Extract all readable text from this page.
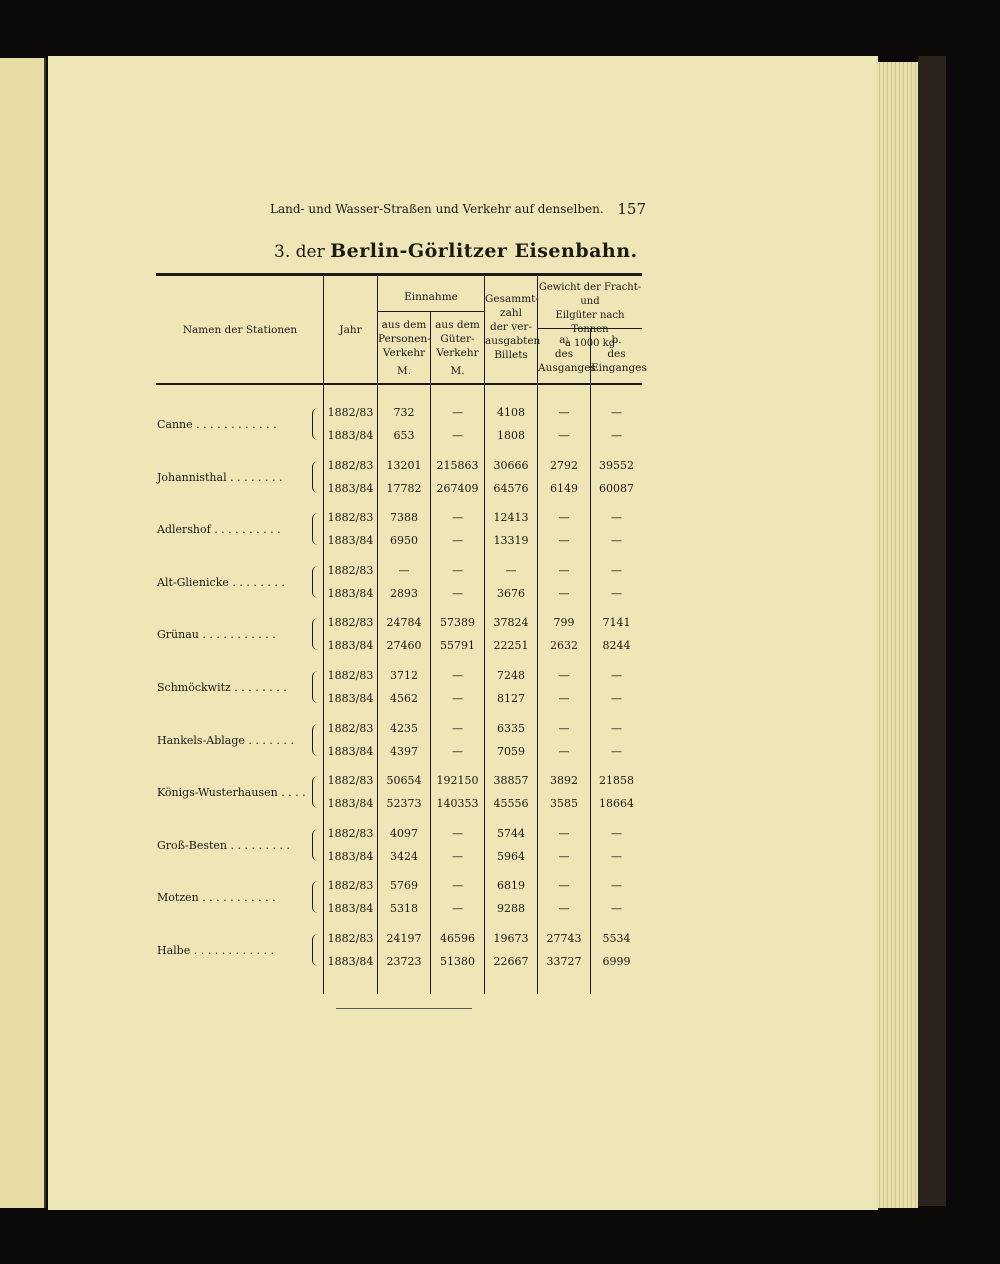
Land- und Wasser-Straßen und Verkehr auf denselben. 157
3. der Berlin-Görlitzer Eisenbahn.
Namen der Stationen	Jahr
Einnahme
aus dem
Personen-
Verkehr
M.
aus dem
Güter-
Verkehr
M.
Gesammt-
zahl
der ver-
ausgabten
Billets
Gewicht der Fracht- und
Eilgüter nach Tonnen
à 1000 kg
a.
des
Ausganges
b.
des
Einganges
Canne . . . . . . . . . . . .
1882/83	732	—	4108	—	—
1883/84	653	—	1808	—	—
Johannisthal . . . . . . . .
1882/83	13201	215863	30666	2792	39552
1883/84	17782	267409	64576	6149	60087
Adlershof . . . . . . . . . .
1882/83	7388	—	12413	—	—
1883/84	6950	—	13319	—	—
Alt-Glienicke . . . . . . . .
1882/83	—	—	—	—	—
1883/84	2893	—	3676	—	—
Grünau . . . . . . . . . . .
1882/83	24784	57389	37824	799	7141
1883/84	27460	55791	22251	2632	8244
Schmöckwitz . . . . . . . .
1882/83	3712	—	7248	—	—
1883/84	4562	—	8127	—	—
Hankels-Ablage . . . . . . .
1882/83	4235	—	6335	—	—
1883/84	4397	—	7059	—	—
Königs-Wusterhausen . . . .
1882/83	50654	192150	38857	3892	21858
1883/84	52373	140353	45556	3585	18664
Groß-Besten . . . . . . . . .
1882/83	4097	—	5744	—	—
1883/84	3424	—	5964	—	—
Motzen . . . . . . . . . . .
1882/83	5769	—	6819	—	—
1883/84	5318	—	9288	—	—
Halbe . . . . . . . . . . . .
1882/83	24197	46596	19673	27743	5534
1883/84	23723	51380	22667	33727	6999
